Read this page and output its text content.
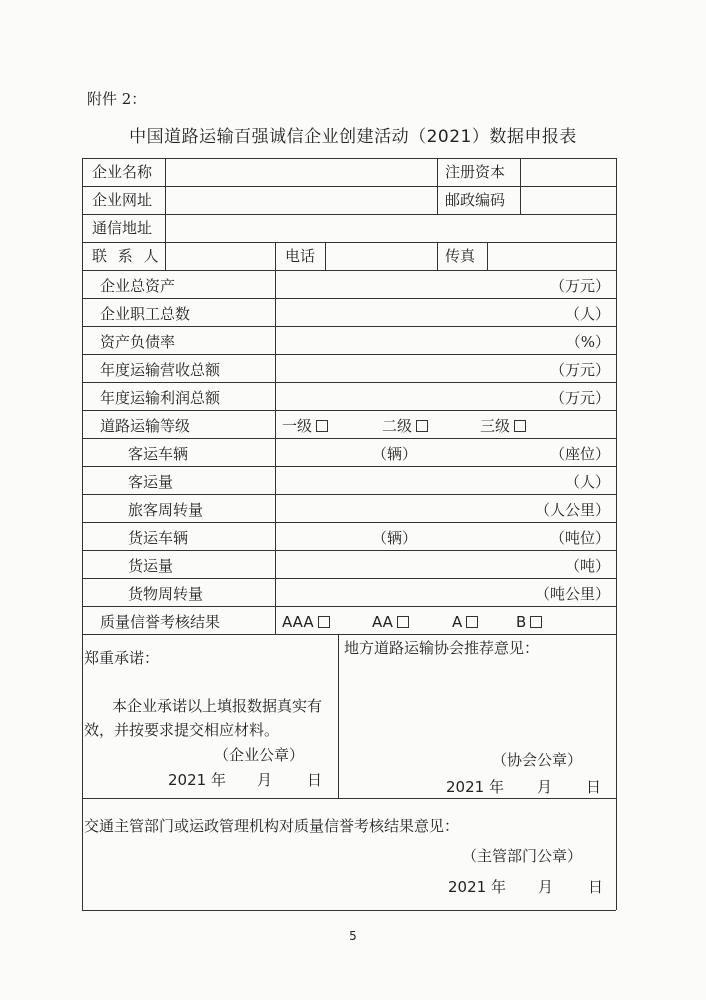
附件 2：
中国道路运输百强诚信企业创建活动（2021）数据申报表
企业名称	注册资本
企业网址	邮政编码
通信地址
联 系 人	电话	传真
企业总资产	（万元）
企业职工总数	（人）
资产负债率	（%）
年度运输营收总额	（万元）
年度运输利润总额	（万元）
道路运输等级	一级	二级	三级
客运车辆	（辆）	（座位）
客运量	（人）
旅客周转量	（人公里）
货运车辆	（辆）	（吨位）
货运量	（吨）
货物周转量	（吨公里）
质量信誉考核结果	AAA	AA	A	B
郑重承诺：
本企业承诺以上填报数据真实有
效，并按要求提交相应材料。
（企业公章）
2021 年 月 日
地方道路运输协会推荐意见：
（协会公章）
2021 年 月 日
交通主管部门或运政管理机构对质量信誉考核结果意见：
（主管部门公章）
2021 年 月 日
5
